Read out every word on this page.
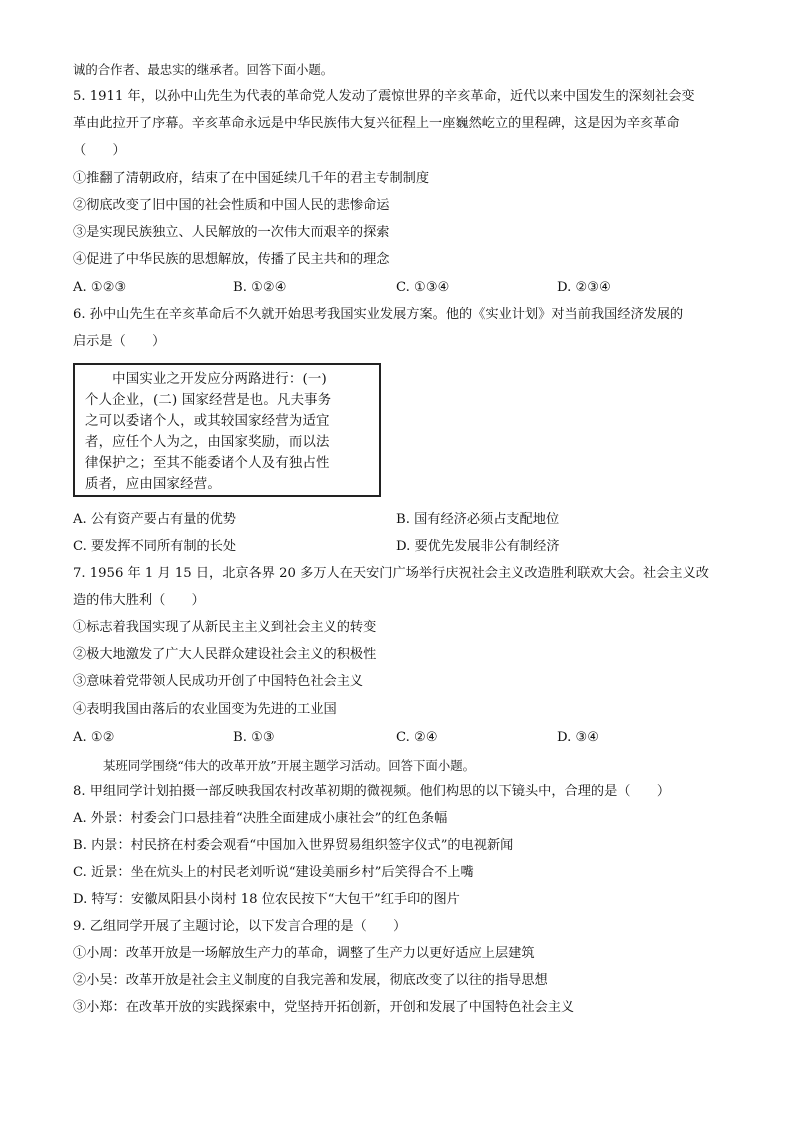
诚的合作者、最忠实的继承者。回答下面小题。
5. 1911 年，以孙中山先生为代表的革命党人发动了震惊世界的辛亥革命，近代以来中国发生的深刻社会变
革由此拉开了序幕。辛亥革命永远是中华民族伟大复兴征程上一座巍然屹立的里程碑，这是因为辛亥革命
（　　）
①推翻了清朝政府，结束了在中国延续几千年的君主专制制度
②彻底改变了旧中国的社会性质和中国人民的悲惨命运
③是实现民族独立、人民解放的一次伟大而艰辛的探索
④促进了中华民族的思想解放，传播了民主共和的理念
A. ①②③	B. ①②④	C. ①③④	D. ②③④
6. 孙中山先生在辛亥革命后不久就开始思考我国实业发展方案。他的《实业计划》对当前我国经济发展的
启示是（　　）
　　中国实业之开发应分两路进行：(一)
个人企业，(二) 国家经营是也。凡夫事务
之可以委诸个人，或其较国家经营为适宜
者，应任个人为之，由国家奖励，而以法
律保护之；至其不能委诸个人及有独占性
质者，应由国家经营。
A. 公有资产要占有量的优势	B. 国有经济必须占支配地位
C. 要发挥不同所有制的长处	D. 要优先发展非公有制经济
7. 1956 年 1 月 15 日，北京各界 20 多万人在天安门广场举行庆祝社会主义改造胜利联欢大会。社会主义改
造的伟大胜利（　　）
①标志着我国实现了从新民主主义到社会主义的转变
②极大地激发了广大人民群众建设社会主义的积极性
③意味着党带领人民成功开创了中国特色社会主义
④表明我国由落后的农业国变为先进的工业国
A. ①②	B. ①③	C. ②④	D. ③④
某班同学围绕“伟大的改革开放”开展主题学习活动。回答下面小题。
8. 甲组同学计划拍摄一部反映我国农村改革初期的微视频。他们构思的以下镜头中，合理的是（　　）
A. 外景：村委会门口悬挂着“决胜全面建成小康社会”的红色条幅
B. 内景：村民挤在村委会观看“中国加入世界贸易组织签字仪式”的电视新闻
C. 近景：坐在炕头上的村民老刘听说“建设美丽乡村”后笑得合不上嘴
D. 特写：安徽凤阳县小岗村 18 位农民按下“大包干”红手印的图片
9. 乙组同学开展了主题讨论，以下发言合理的是（　　）
①小周：改革开放是一场解放生产力的革命，调整了生产力以更好适应上层建筑
②小吴：改革开放是社会主义制度的自我完善和发展，彻底改变了以往的指导思想
③小郑：在改革开放的实践探索中，党坚持开拓创新，开创和发展了中国特色社会主义
